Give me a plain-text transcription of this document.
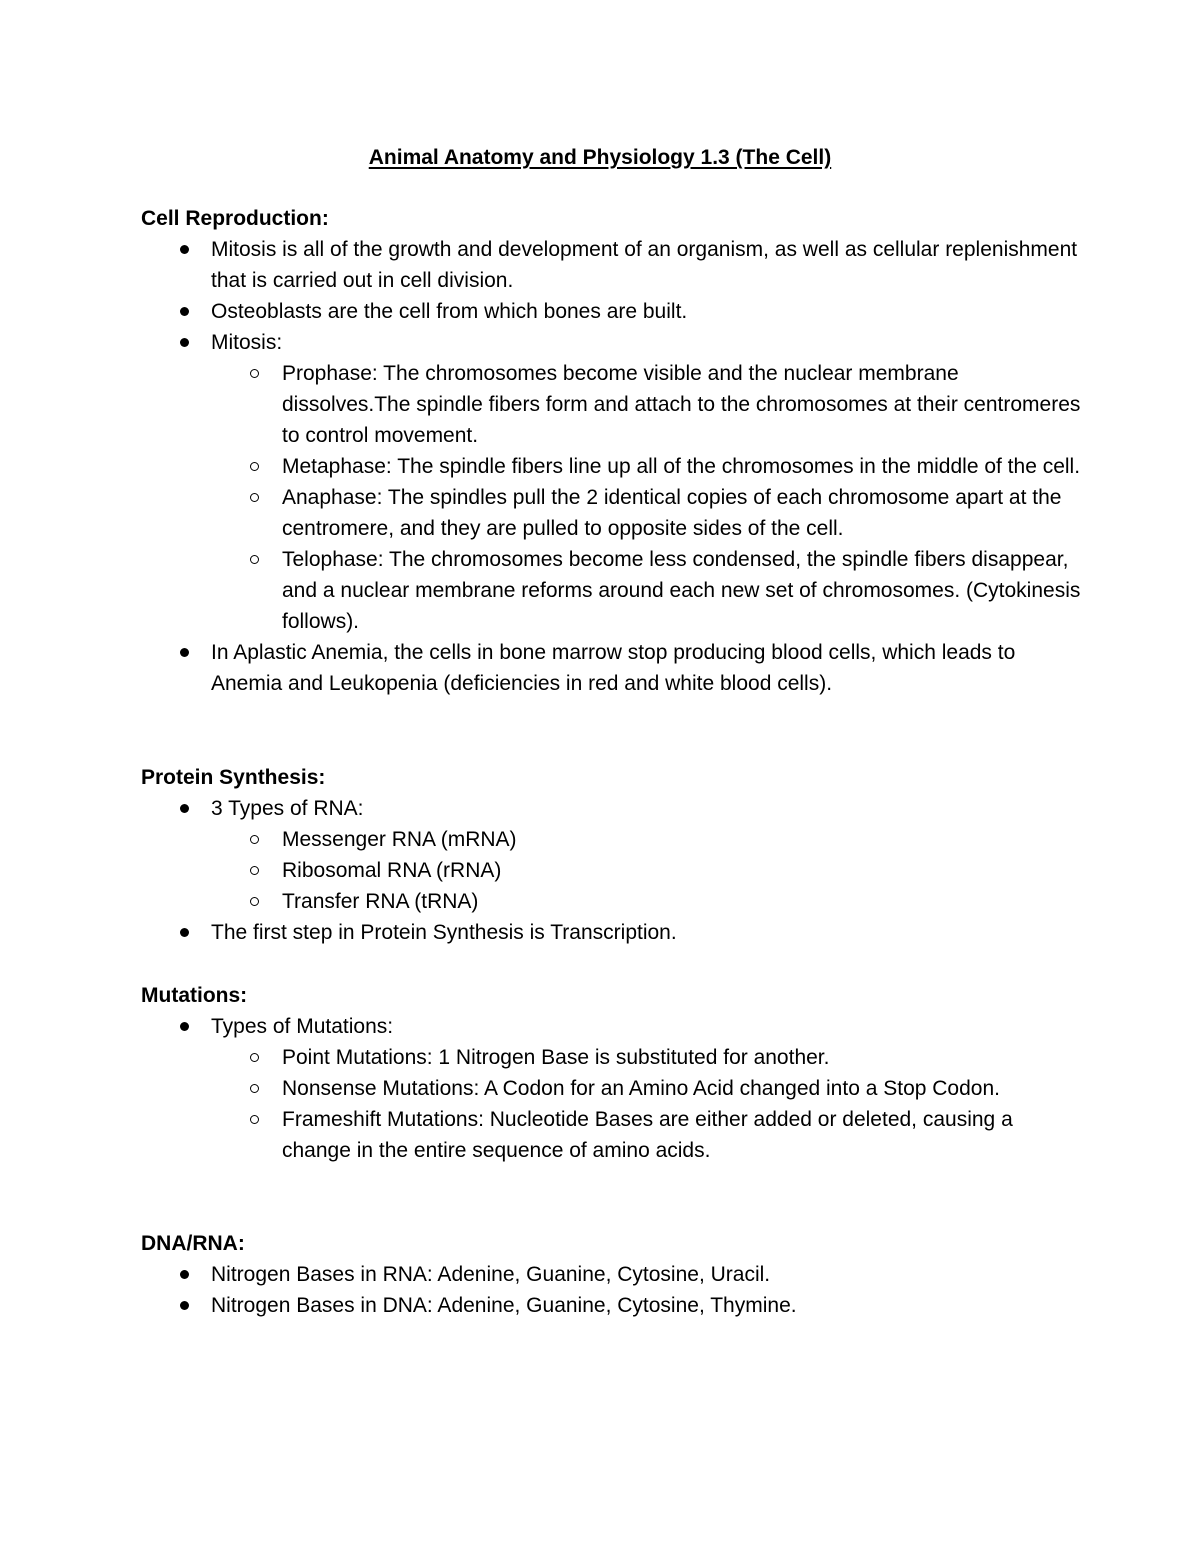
Animal Anatomy and Physiology 1.3 (The Cell)
Cell Reproduction:
Mitosis is all of the growth and development of an organism, as well as cellular replenishment that is carried out in cell division.
Osteoblasts are the cell from which bones are built.
Mitosis:
Prophase: The chromosomes become visible and the nuclear membrane dissolves.The spindle fibers form and attach to the chromosomes at their centromeres to control movement.
Metaphase: The spindle fibers line up all of the chromosomes in the middle of the cell.
Anaphase: The spindles pull the 2 identical copies of each chromosome apart at the centromere, and they are pulled to opposite sides of the cell.
Telophase: The chromosomes become less condensed, the spindle fibers disappear, and a nuclear membrane reforms around each new set of chromosomes. (Cytokinesis follows).
In Aplastic Anemia, the cells in bone marrow stop producing blood cells, which leads to Anemia and Leukopenia (deficiencies in red and white blood cells).
Protein Synthesis:
3 Types of RNA:
Messenger RNA (mRNA)
Ribosomal RNA (rRNA)
Transfer RNA (tRNA)
The first step in Protein Synthesis is Transcription.
Mutations:
Types of Mutations:
Point Mutations: 1 Nitrogen Base is substituted for another.
Nonsense Mutations: A Codon for an Amino Acid changed into a Stop Codon.
Frameshift Mutations: Nucleotide Bases are either added or deleted, causing a change in the entire sequence of amino acids.
DNA/RNA:
Nitrogen Bases in RNA: Adenine, Guanine, Cytosine, Uracil.
Nitrogen Bases in DNA: Adenine, Guanine, Cytosine, Thymine.
